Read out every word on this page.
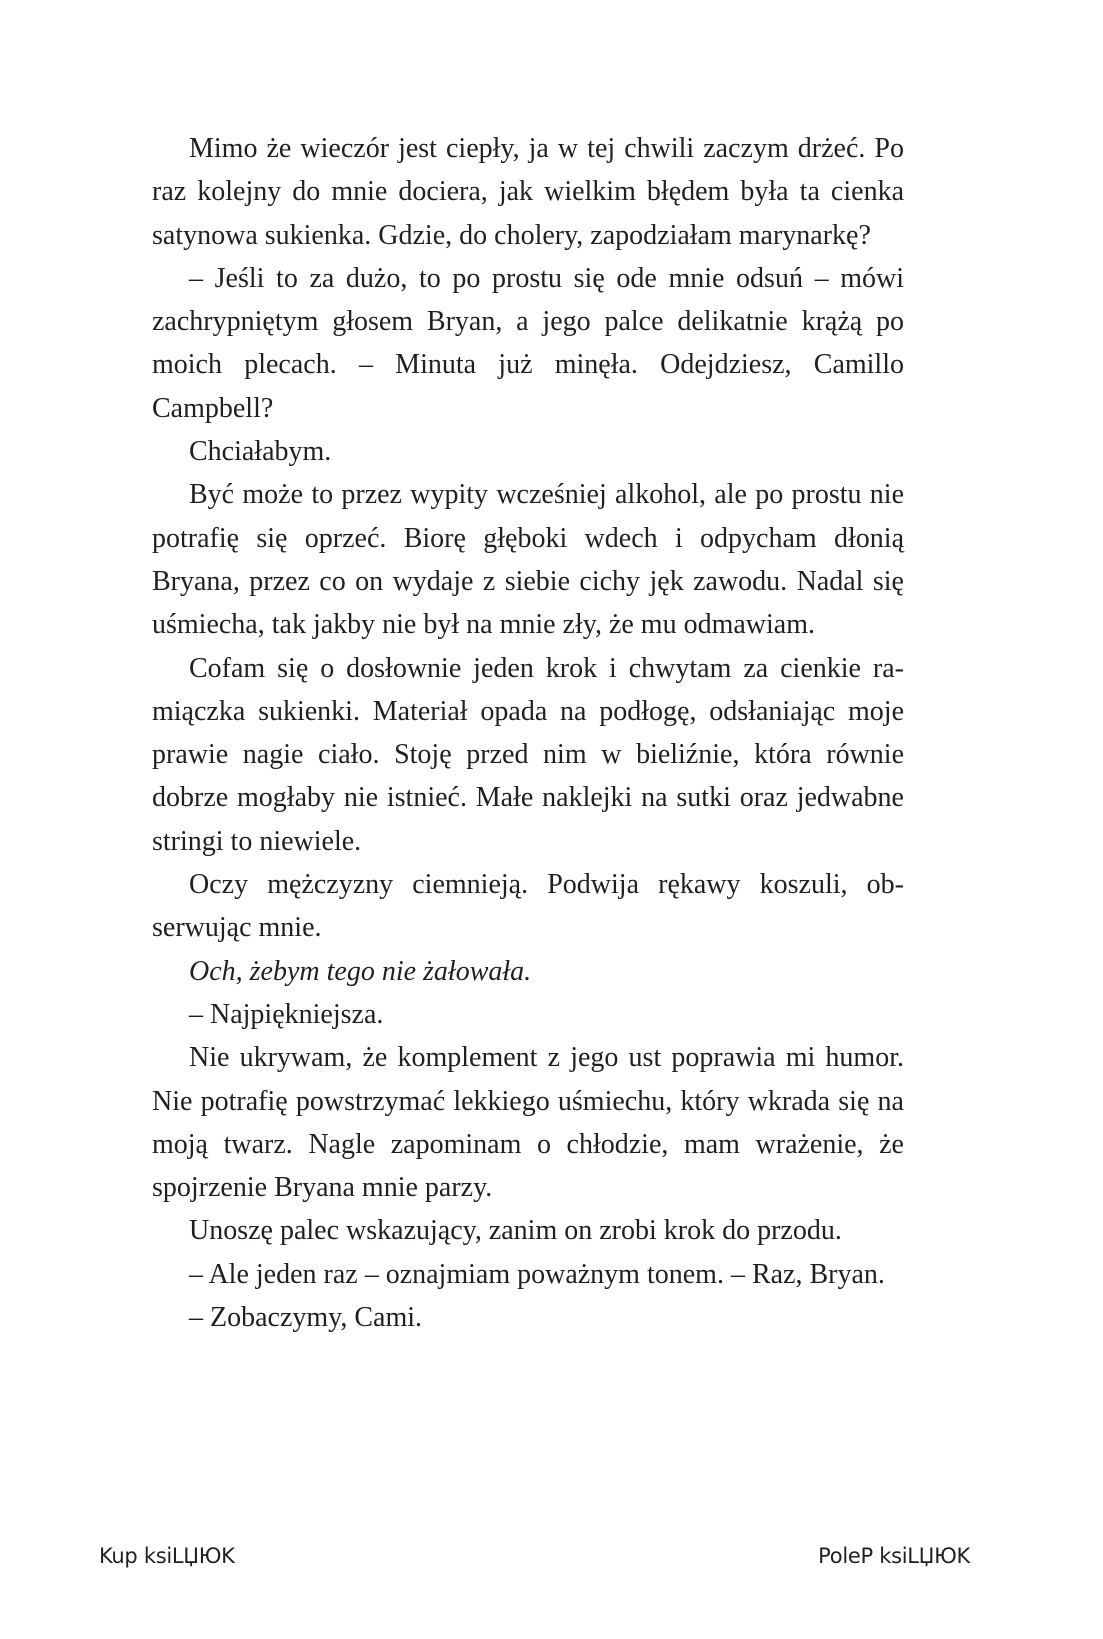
Mimo że wieczór jest ciepły, ja w tej chwili zaczym drżeć. Po raz kolejny do mnie dociera, jak wielkim błędem była ta cienka satynowa sukienka. Gdzie, do cholery, zapodziałam marynarkę?

– Jeśli to za dużo, to po prostu się ode mnie odsuń – mówi zachrypniętym głosem Bryan, a jego palce delikatnie krążą po moich plecach. – Minuta już minęła. Odejdziesz, Camillo Campbell?

Chciałabym.

Być może to przez wypity wcześniej alkohol, ale po prostu nie potrafię się oprzeć. Biorę głęboki wdech i odpycham dłonią Bryana, przez co on wydaje z siebie cichy jęk zawodu. Nadal się uśmiecha, tak jakby nie był na mnie zły, że mu odmawiam.

Cofam się o dosłownie jeden krok i chwytam za cienkie ramiączka sukienki. Materiał opada na podłogę, odsłaniając moje prawie nagie ciało. Stoję przed nim w bieliźnie, która równie dobrze mogłaby nie istnieć. Małe naklejki na sutki oraz jedwabne stringi to niewiele.

Oczy mężczyzny ciemnieją. Podwija rękawy koszuli, obserwując mnie.

Och, żebym tego nie żałowała.

– Najpiękniejsza.

Nie ukrywam, że komplement z jego ust poprawia mi humor. Nie potrafię powstrzymać lekkiego uśmiechu, który wkrada się na moją twarz. Nagle zapominam o chłodzie, mam wrażenie, że spojrzenie Bryana mnie parzy.

Unoszę palec wskazujący, zanim on zrobi krok do przodu.

– Ale jeden raz – oznajmiam poważnym tonem. – Raz, Bryan.

– Zobaczymy, Cami.

Kup ksiLЏЮK	PoleP ksiLЏЮK
